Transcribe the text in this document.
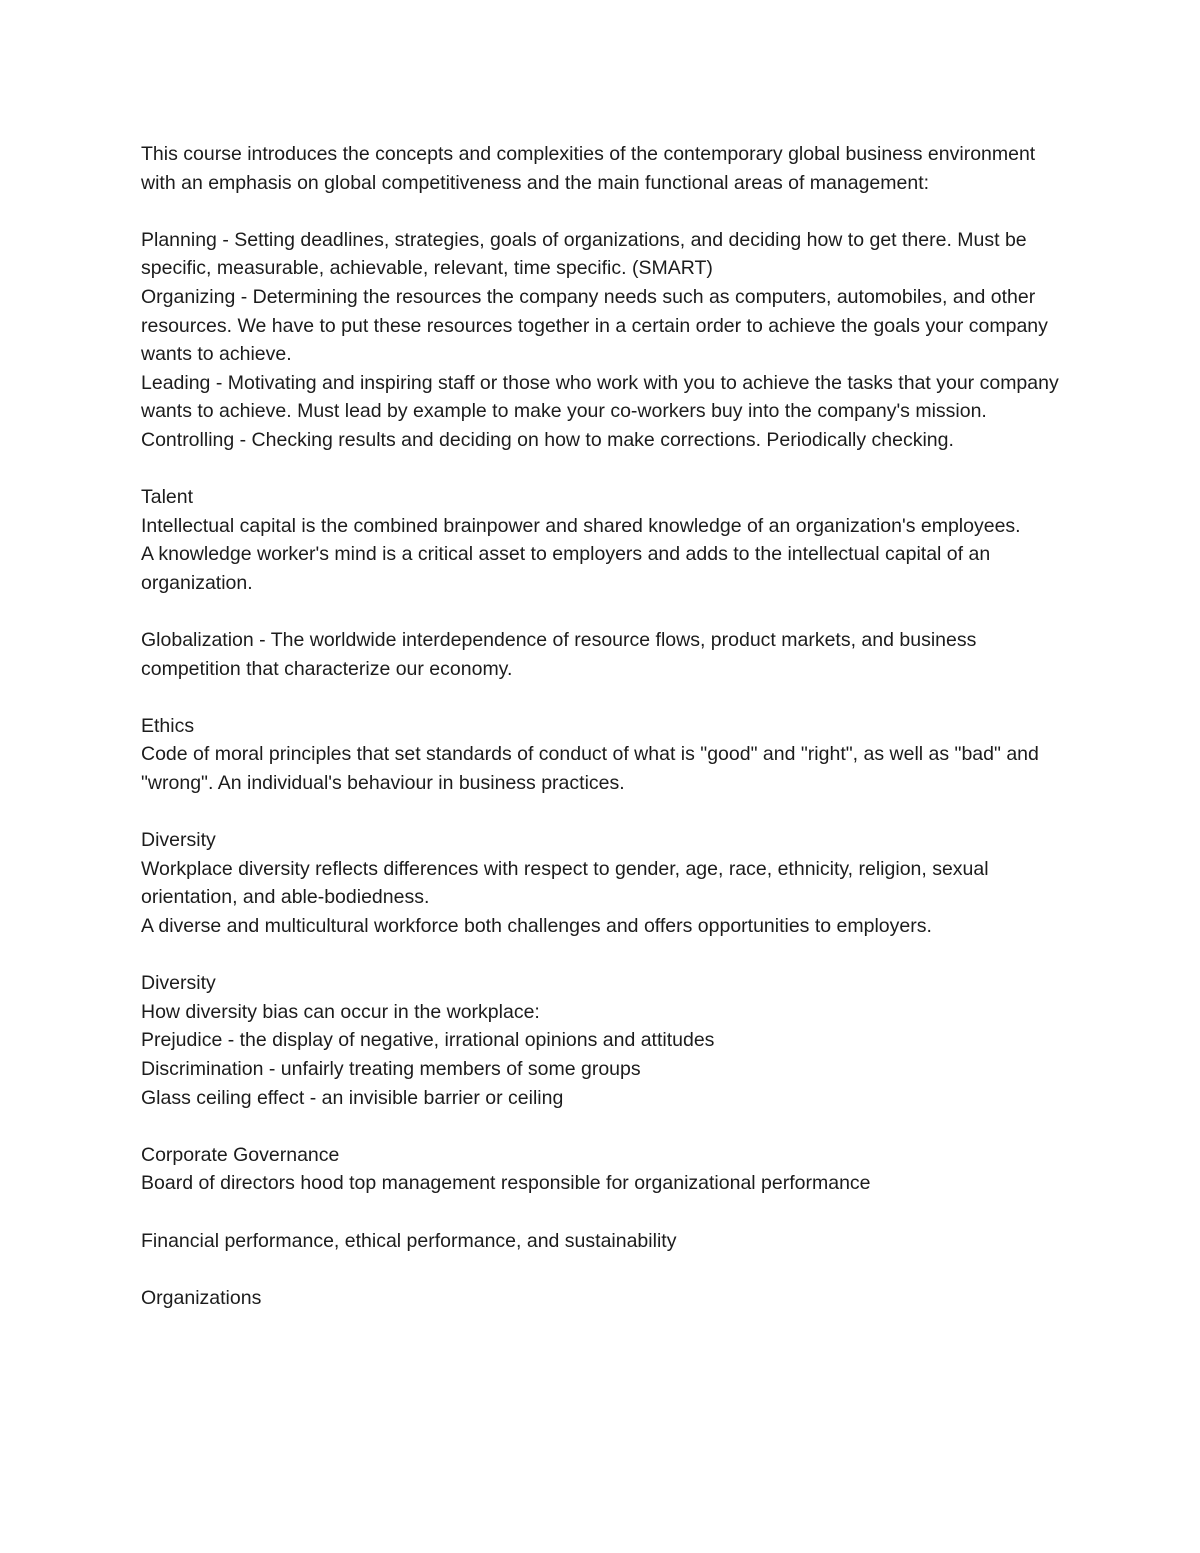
This course introduces the concepts and complexities of the contemporary global business environment with an emphasis on global competitiveness and the main functional areas of management:

Planning - Setting deadlines, strategies, goals of organizations, and deciding how to get there. Must be specific, measurable, achievable, relevant, time specific. (SMART)

Organizing - Determining the resources the company needs such as computers, automobiles, and other resources. We have to put these resources together in a certain order to achieve the goals your company wants to achieve.

Leading - Motivating and inspiring staff or those who work with you to achieve the tasks that your company wants to achieve. Must lead by example to make your co-workers buy into the company's mission.

Controlling - Checking results and deciding on how to make corrections. Periodically checking.

Talent

Intellectual capital is the combined brainpower and shared knowledge of an organization's employees.

A knowledge worker's mind is a critical asset to employers and adds to the intellectual capital of an organization.

Globalization - The worldwide interdependence of resource flows, product markets, and business competition that characterize our economy.

Ethics

Code of moral principles that set standards of conduct of what is "good" and "right", as well as "bad" and "wrong". An individual's behaviour in business practices.

Diversity

Workplace diversity reflects differences with respect to gender, age, race, ethnicity, religion, sexual orientation, and able-bodiedness.

A diverse and multicultural workforce both challenges and offers opportunities to employers.

Diversity

How diversity bias can occur in the workplace:

Prejudice - the display of negative, irrational opinions and attitudes

Discrimination - unfairly treating members of some groups

Glass ceiling effect - an invisible barrier or ceiling

Corporate Governance

Board of directors hood top management responsible for organizational performance

Financial performance, ethical performance, and sustainability

Organizations
